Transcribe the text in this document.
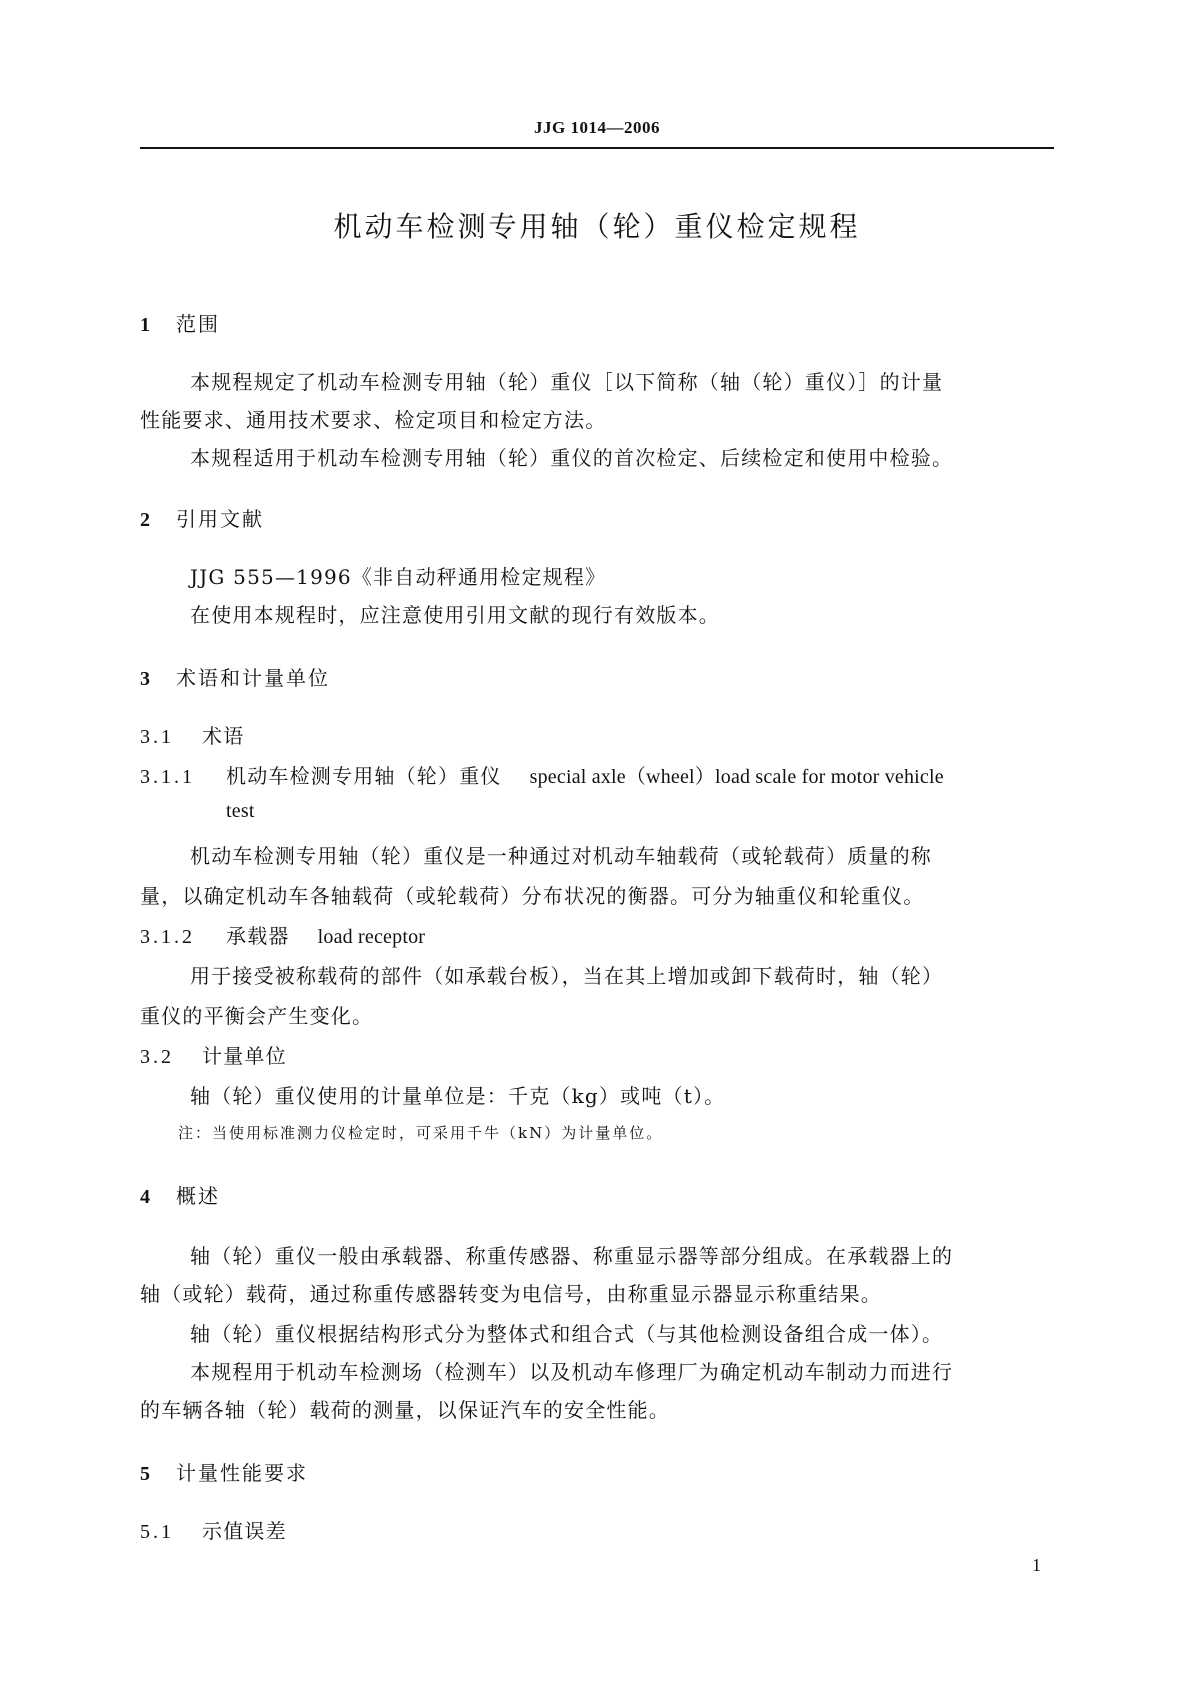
JJG 1014—2006
机动车检测专用轴（轮）重仪检定规程
1 范围
本规程规定了机动车检测专用轴（轮）重仪［以下简称（轴（轮）重仪）］的计量
性能要求、通用技术要求、检定项目和检定方法。
本规程适用于机动车检测专用轴（轮）重仪的首次检定、后续检定和使用中检验。
2 引用文献
JJG 555—1996《非自动秤通用检定规程》
在使用本规程时，应注意使用引用文献的现行有效版本。
3 术语和计量单位
3.1 术语
3.1.1 机动车检测专用轴（轮）重仪 special axle（wheel）load scale for motor vehicle
test
机动车检测专用轴（轮）重仪是一种通过对机动车轴载荷（或轮载荷）质量的称
量，以确定机动车各轴载荷（或轮载荷）分布状况的衡器。可分为轴重仪和轮重仪。
3.1.2 承载器 load receptor
用于接受被称载荷的部件（如承载台板），当在其上增加或卸下载荷时，轴（轮）
重仪的平衡会产生变化。
3.2 计量单位
轴（轮）重仪使用的计量单位是：千克（kg）或吨（t）。
注：当使用标准测力仪检定时，可采用千牛（kN）为计量单位。
4 概述
轴（轮）重仪一般由承载器、称重传感器、称重显示器等部分组成。在承载器上的
轴（或轮）载荷，通过称重传感器转变为电信号，由称重显示器显示称重结果。
轴（轮）重仪根据结构形式分为整体式和组合式（与其他检测设备组合成一体）。
本规程用于机动车检测场（检测车）以及机动车修理厂为确定机动车制动力而进行
的车辆各轴（轮）载荷的测量，以保证汽车的安全性能。
5 计量性能要求
5.1 示值误差
1
